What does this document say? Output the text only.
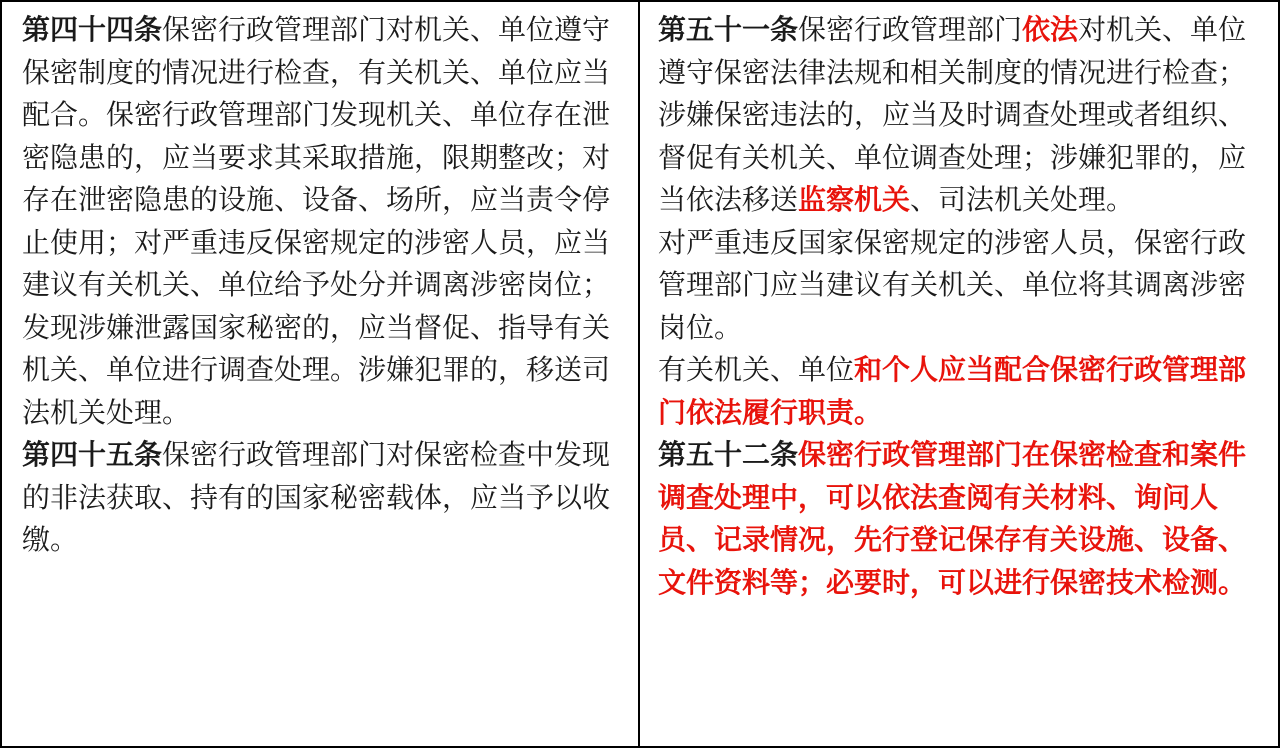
第四十四条保密行政管理部门对机关、单位遵守保密制度的情况进行检查，有关机关、单位应当配合。保密行政管理部门发现机关、单位存在泄密隐患的，应当要求其采取措施，限期整改；对存在泄密隐患的设施、设备、场所，应当责令停止使用；对严重违反保密规定的涉密人员，应当建议有关机关、单位给予处分并调离涉密岗位；发现涉嫌泄露国家秘密的，应当督促、指导有关机关、单位进行调查处理。涉嫌犯罪的，移送司法机关处理。

第四十五条保密行政管理部门对保密检查中发现的非法获取、持有的国家秘密载体，应当予以收缴。

第五十一条保密行政管理部门依法对机关、单位遵守保密法律法规和相关制度的情况进行检查；涉嫌保密违法的，应当及时调查处理或者组织、督促有关机关、单位调查处理；涉嫌犯罪的，应当依法移送监察机关、司法机关处理。

对严重违反国家保密规定的涉密人员，保密行政管理部门应当建议有关机关、单位将其调离涉密岗位。

有关机关、单位和个人应当配合保密行政管理部门依法履行职责。

第五十二条保密行政管理部门在保密检查和案件调查处理中，可以依法查阅有关材料、询问人员、记录情况，先行登记保存有关设施、设备、文件资料等；必要时，可以进行保密技术检测。
